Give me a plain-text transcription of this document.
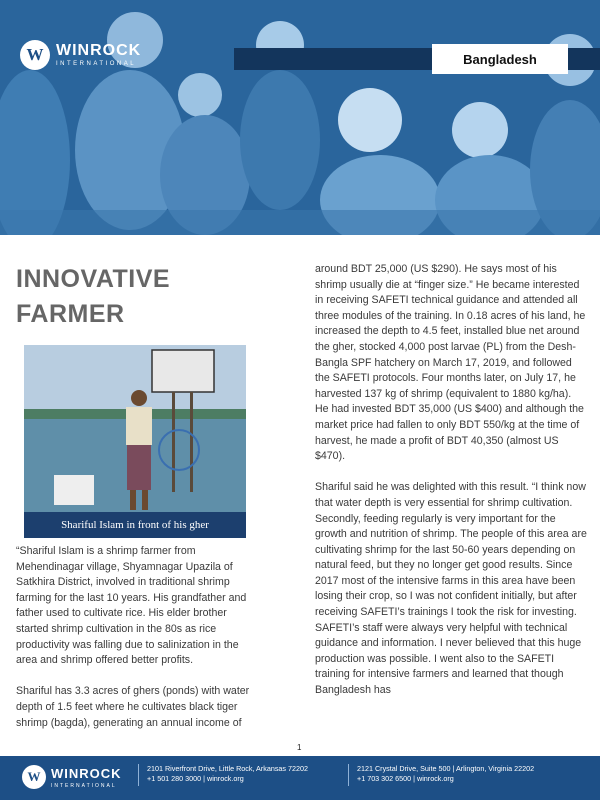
W WINROCK
INTERNATIONAL	Bangladesh
INNOVATIVE
FARMER
Shariful Islam in front of his gher

“Shariful Islam is a shrimp farmer from Mehendinagar village, Shyamnagar Upazila of Satkhira District, involved in traditional shrimp farming for the last 10 years. His grandfather and father used to cultivate rice. His elder brother started shrimp cultivation in the 80s as rice productivity was falling due to salinization in the area and shrimp offered better profits.

Shariful has 3.3 acres of ghers (ponds) with water depth of 1.5 feet where he cultivates black tiger shrimp (bagda), generating an annual income of

around BDT 25,000 (US $290). He says most of his shrimp usually die at “finger size.” He became interested in receiving SAFETI technical guidance and attended all three modules of the training. In 0.18 acres of his land, he increased the depth to 4.5 feet, installed blue net around the gher, stocked 4,000 post larvae (PL) from the Desh-Bangla SPF hatchery on March 17, 2019, and followed the SAFETI protocols. Four months later, on July 17, he harvested 137 kg of shrimp (equivalent to 1880 kg/ha). He had invested BDT 35,000 (US $400) and although the market price had fallen to only BDT 550/kg at the time of harvest, he made a profit of BDT 40,350 (almost US $470).

Shariful said he was delighted with this result. “I think now that water depth is very essential for shrimp cultivation. Secondly, feeding regularly is very important for the growth and nutrition of shrimp. The people of this area are cultivating shrimp for the last 50-60 years depending on natural feed, but they no longer get good results. Since 2017 most of the intensive farms in this area have been losing their crop, so I was not confident initially, but after receiving SAFETI’s trainings I took the risk for investing. SAFETI’s staff were always very helpful with technical guidance and information. I never believed that this huge production was possible. I went also to the SAFETI training for intensive farmers and learned that though Bangladesh has

1
W WINROCK
INTERNATIONAL
2101 Riverfront Drive, Little Rock, Arkansas 72202
+1 501 280 3000 | winrock.org
2121 Crystal Drive, Suite 500 | Arlington, Virginia 22202
+1 703 302 6500 | winrock.org
